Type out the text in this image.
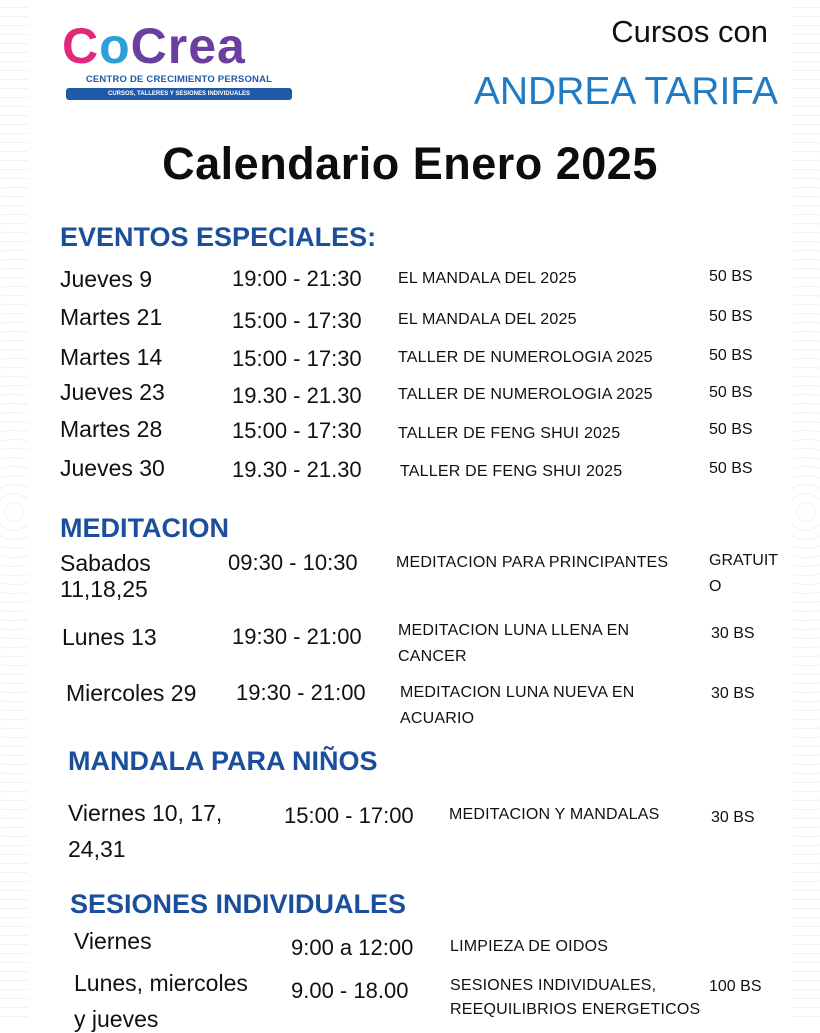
CoCrea
CENTRO DE CRECIMIENTO PERSONAL
CURSOS, TALLERES Y SESIONES INDIVIDUALES
Cursos con
ANDREA TARIFA
Calendario Enero 2025
EVENTOS ESPECIALES:
Jueves 9	19:00 - 21:30 EL MANDALA DEL 2025	50 BS
Martes 21	15:00 - 17:30 EL MANDALA DEL 2025	50 BS
Martes 14	15:00 - 17:30 TALLER DE NUMEROLOGIA 2025	50 BS
Jueves 23	19.30 - 21.30 TALLER DE NUMEROLOGIA 2025	50 BS
Martes 28	15:00 - 17:30 TALLER DE FENG SHUI 2025	50 BS
Jueves 30	19.30 - 21.30 TALLER DE FENG SHUI 2025	50 BS
MEDITACION
Sabados
11,18,25
09:30 - 10:30 MEDITACION PARA PRINCIPANTES	GRATUIT
O
Lunes 13	19:30 - 21:00 MEDITACION LUNA LLENA EN
CANCER
30 BS
Miercoles 29 19:30 - 21:00 MEDITACION LUNA NUEVA EN
ACUARIO
30 BS
MANDALA PARA NIÑOS
Viernes 10, 17,
24,31
15:00 - 17:00 MEDITACION Y MANDALAS	30 BS
SESIONES INDIVIDUALES
Viernes	9:00 a 12:00 LIMPIEZA DE OIDOS
Lunes, miercoles
y jueves
9.00 - 18.00	SESIONES INDIVIDUALES,
REEQUILIBRIOS ENERGETICOS
100 BS
